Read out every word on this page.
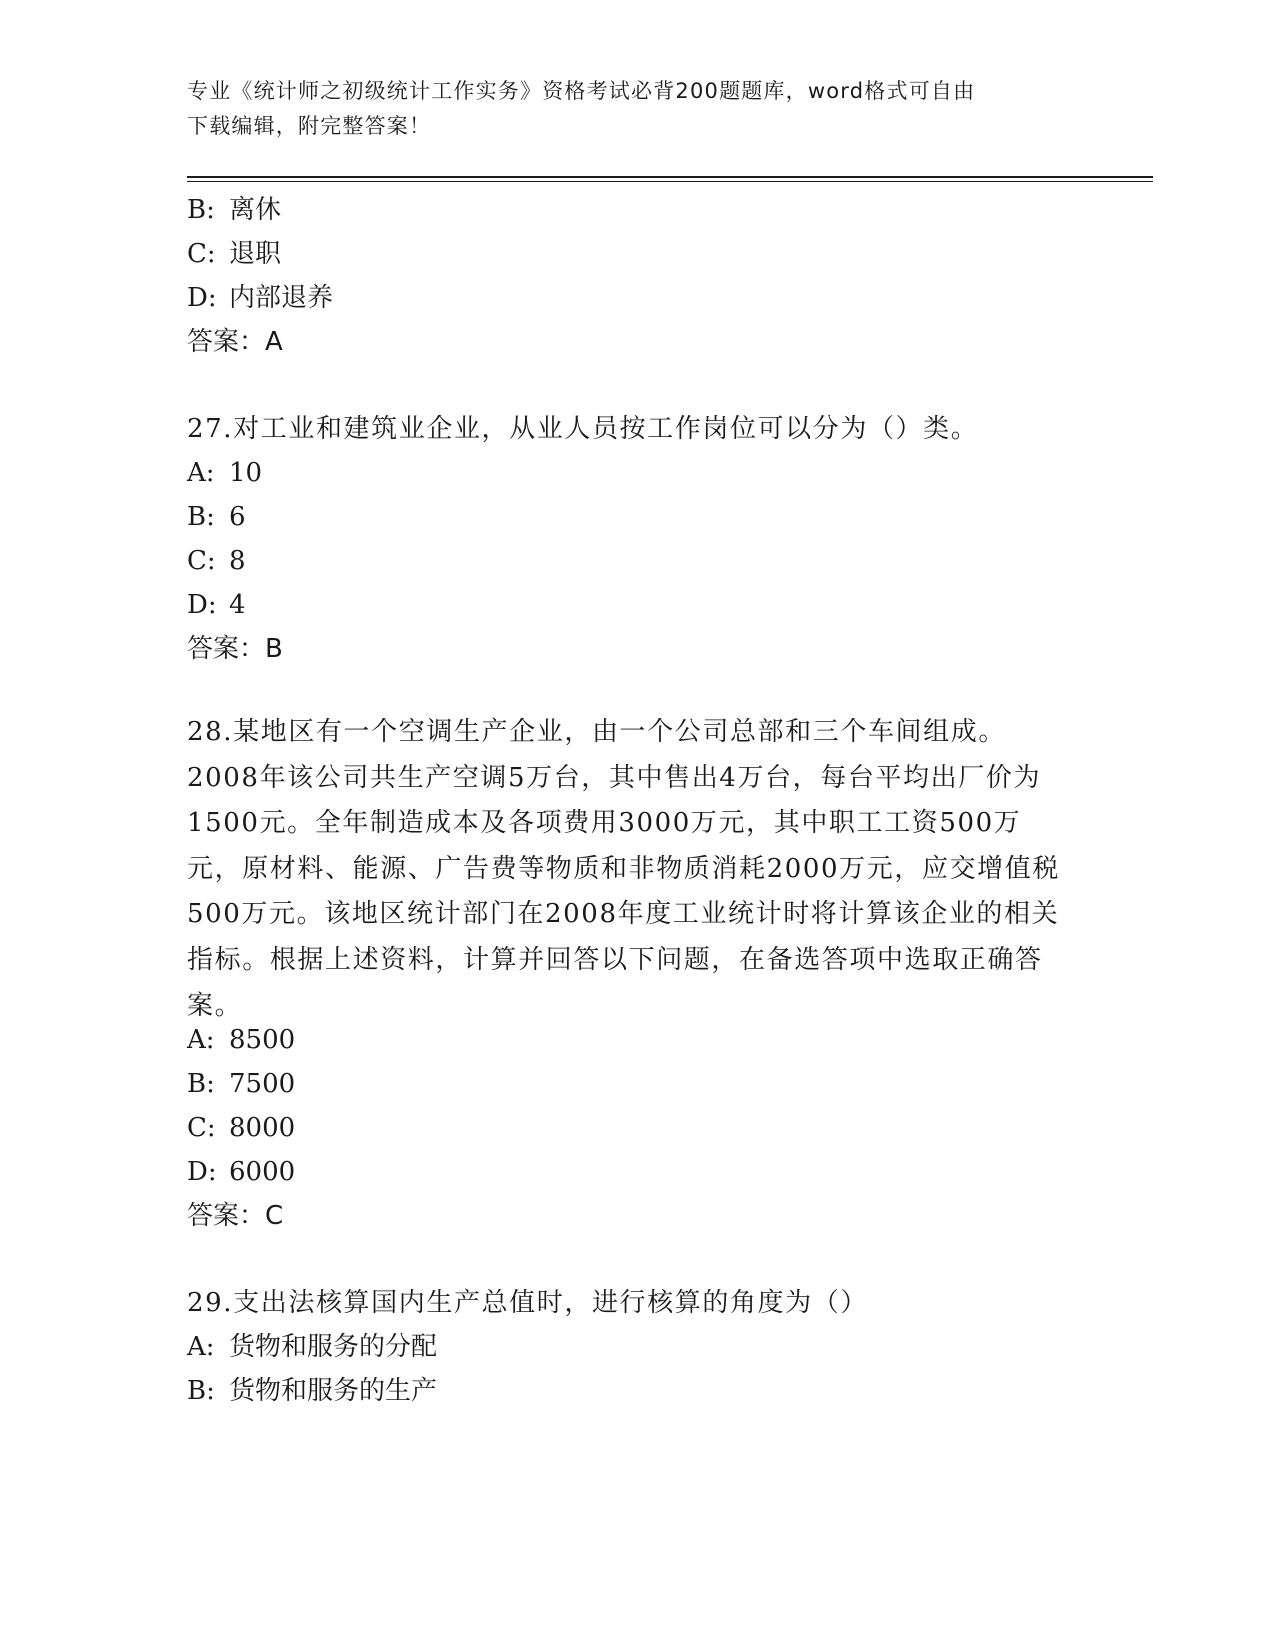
专业《统计师之初级统计工作实务》资格考试必背200题题库，word格式可自由
下载编辑，附完整答案！
B: 离休
C: 退职
D: 内部退养
答案：A
27.对工业和建筑业企业，从业人员按工作岗位可以分为（）类。
A: 10
B: 6
C: 8
D: 4
答案：B
28.某地区有一个空调生产企业，由一个公司总部和三个车间组成。2008年该公司共生产空调5万台，其中售出4万台，每台平均出厂价为1500元。全年制造成本及各项费用3000万元，其中职工工资500万元，原材料、能源、广告费等物质和非物质消耗2000万元，应交增值税500万元。该地区统计部门在2008年度工业统计时将计算该企业的相关指标。根据上述资料，计算并回答以下问题，在备选答项中选取正确答案。
A: 8500
B: 7500
C: 8000
D: 6000
答案：C
29.支出法核算国内生产总值时，进行核算的角度为（）
A: 货物和服务的分配
B: 货物和服务的生产
